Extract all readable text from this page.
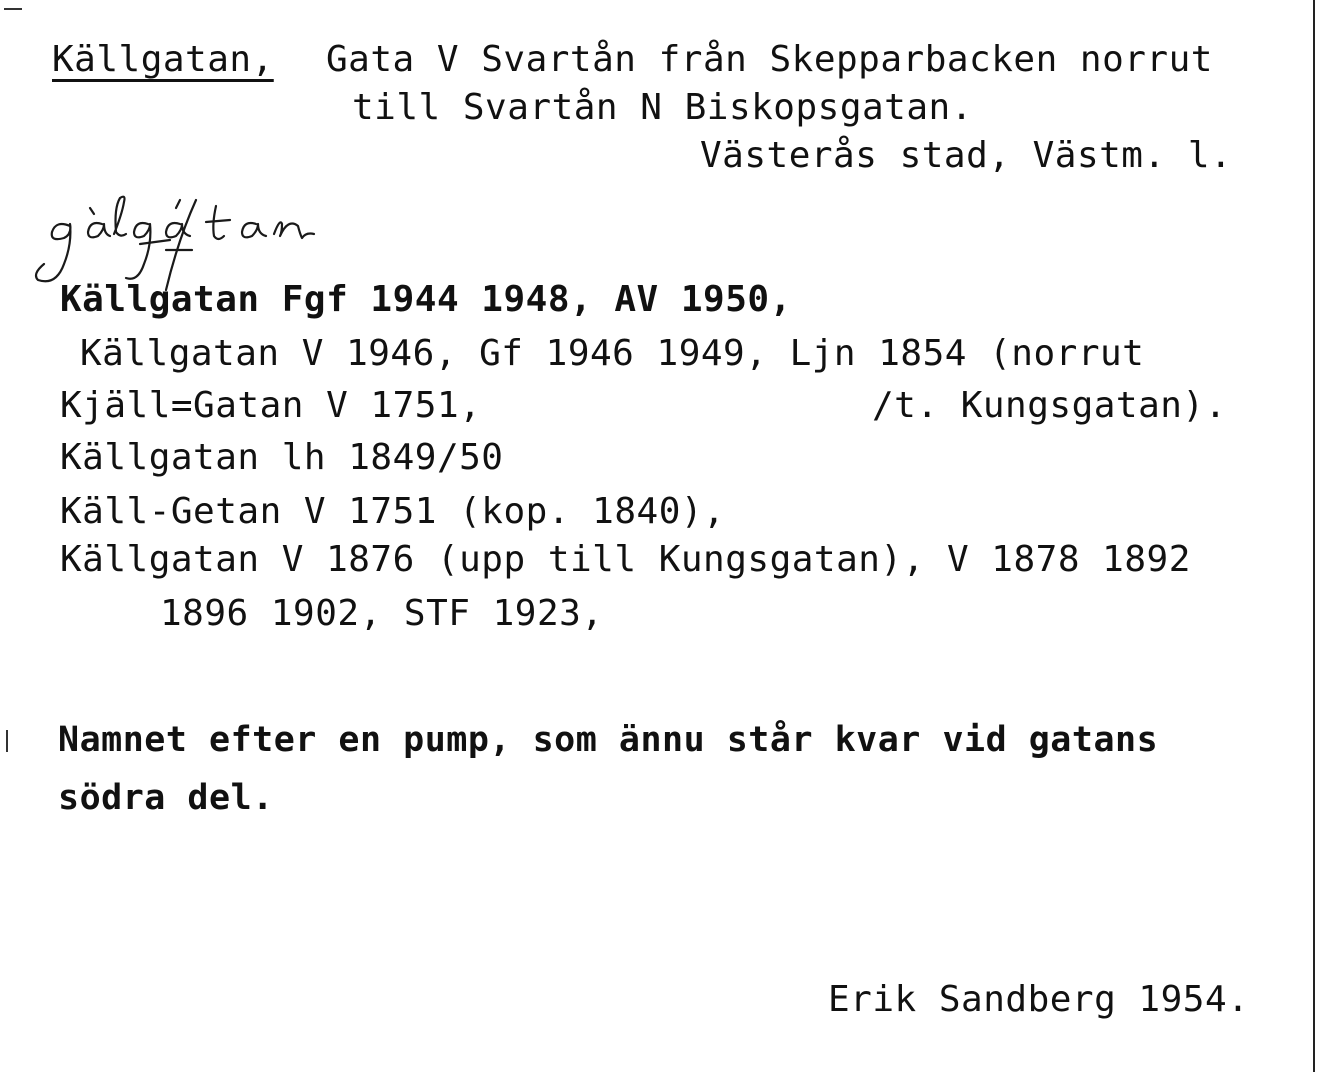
Källgatan, Gata V Svartån från Skepparbacken norrut
till Svartån N Biskopsgatan.
Västerås stad, Västm. l.
Källgatan Fgf 1944 1948, AV 1950,
Källgatan V 1946, Gf 1946 1949, Ljn 1854 (norrut
Kjäll=Gatan V 1751,	/t. Kungsgatan).
Källgatan lh 1849/50
Käll-Getan V 1751 (kop. 1840),
Källgatan V 1876 (upp till Kungsgatan), V 1878 1892
1896 1902, STF 1923,
Namnet efter en pump, som ännu står kvar vid gatans
södra del.
Erik Sandberg 1954.
